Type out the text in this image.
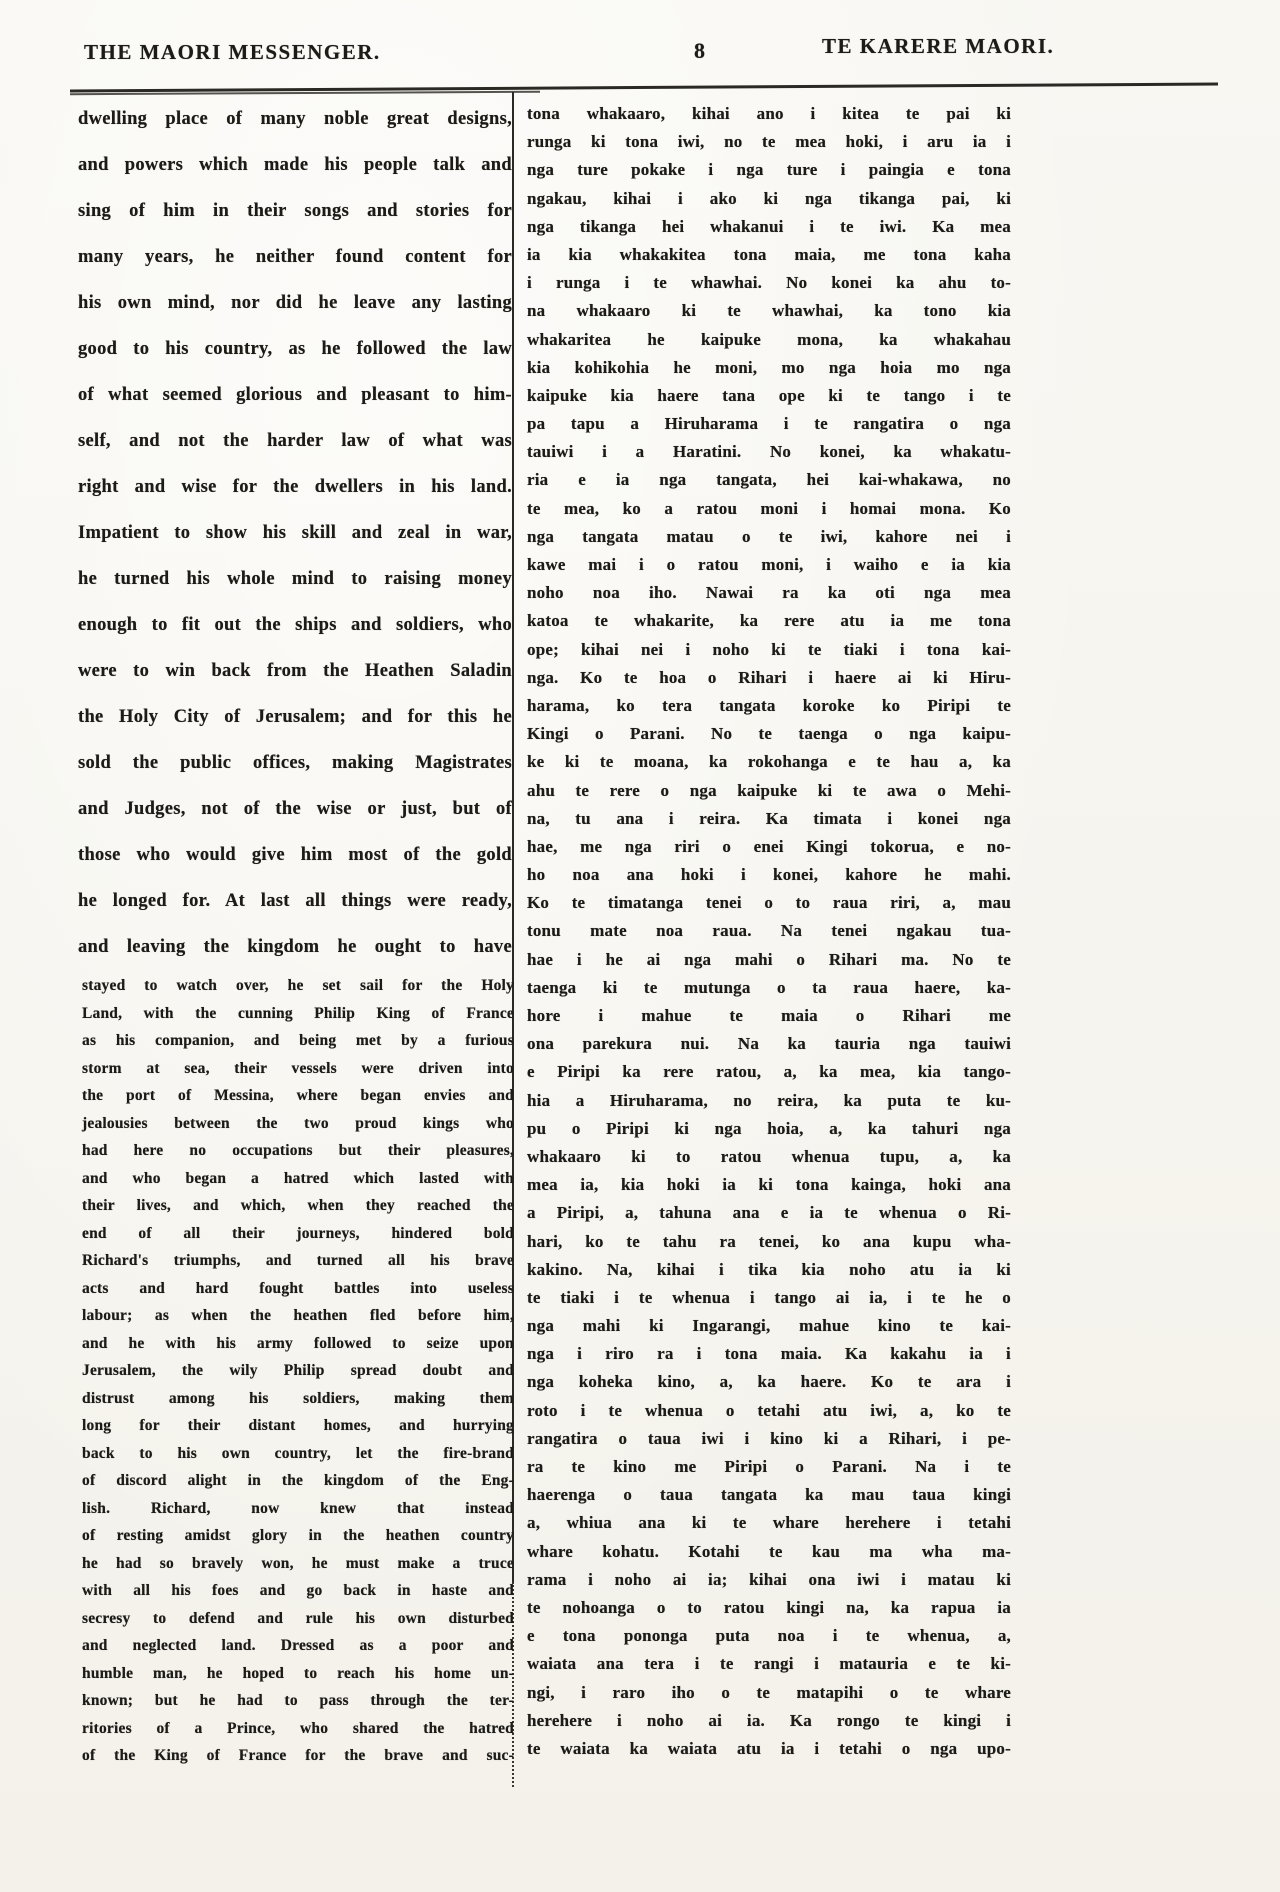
THE MAORI MESSENGER.	8	TE KARERE MAORI.
dwelling place of many noble great designs,
and powers which made his people talk and
sing of him in their songs and stories for
many years, he neither found content for
his own mind, nor did he leave any lasting
good to his country, as he followed the law
of what seemed glorious and pleasant to him-
self, and not the harder law of what was
right and wise for the dwellers in his land.
Impatient to show his skill and zeal in war,
he turned his whole mind to raising money
enough to fit out the ships and soldiers, who
were to win back from the Heathen Saladin
the Holy City of Jerusalem; and for this he
sold the public offices, making Magistrates
and Judges, not of the wise or just, but of
those who would give him most of the gold
he longed for. At last all things were ready,
and leaving the kingdom he ought to have
stayed to watch over, he set sail for the Holy
Land, with the cunning Philip King of France
as his companion, and being met by a furious
storm at sea, their vessels were driven into
the port of Messina, where began envies and
jealousies between the two proud kings who
had here no occupations but their pleasures,
and who began a hatred which lasted with
their lives, and which, when they reached the
end of all their journeys, hindered bold
Richard's triumphs, and turned all his brave
acts and hard fought battles into useless
labour; as when the heathen fled before him,
and he with his army followed to seize upon
Jerusalem, the wily Philip spread doubt and
distrust among his soldiers, making them
long for their distant homes, and hurrying
back to his own country, let the fire-brand
of discord alight in the kingdom of the Eng-
lish. Richard, now knew that instead
of resting amidst glory in the heathen country
he had so bravely won, he must make a truce
with all his foes and go back in haste and
secresy to defend and rule his own disturbed
and neglected land. Dressed as a poor and
humble man, he hoped to reach his home un-
known; but he had to pass through the ter-
ritories of a Prince, who shared the hatred
of the King of France for the brave and suc-
tona whakaaro, kihai ano i kitea te pai ki
runga ki tona iwi, no te mea hoki, i aru ia i
nga ture pokake i nga ture i paingia e tona
ngakau, kihai i ako ki nga tikanga pai, ki
nga tikanga hei whakanui i te iwi. Ka mea
ia kia whakakitea tona maia, me tona kaha
i runga i te whawhai. No konei ka ahu to-
na whakaaro ki te whawhai, ka tono kia
whakaritea he kaipuke mona, ka whakahau
kia kohikohia he moni, mo nga hoia mo nga
kaipuke kia haere tana ope ki te tango i te
pa tapu a Hiruharama i te rangatira o nga
tauiwi i a Haratini. No konei, ka whakatu-
ria e ia nga tangata, hei kai-whakawa, no
te mea, ko a ratou moni i homai mona. Ko
nga tangata matau o te iwi, kahore nei i
kawe mai i o ratou moni, i waiho e ia kia
noho noa iho. Nawai ra ka oti nga mea
katoa te whakarite, ka rere atu ia me tona
ope; kihai nei i noho ki te tiaki i tona kai-
nga. Ko te hoa o Rihari i haere ai ki Hiru-
harama, ko tera tangata koroke ko Piripi te
Kingi o Parani. No te taenga o nga kaipu-
ke ki te moana, ka rokohanga e te hau a, ka
ahu te rere o nga kaipuke ki te awa o Mehi-
na, tu ana i reira. Ka timata i konei nga
hae, me nga riri o enei Kingi tokorua, e no-
ho noa ana hoki i konei, kahore he mahi.
Ko te timatanga tenei o to raua riri, a, mau
tonu mate noa raua. Na tenei ngakau tua-
hae i he ai nga mahi o Rihari ma. No te
taenga ki te mutunga o ta raua haere, ka-
hore i mahue te maia o Rihari me
ona parekura nui. Na ka tauria nga tauiwi
e Piripi ka rere ratou, a, ka mea, kia tango-
hia a Hiruharama, no reira, ka puta te ku-
pu o Piripi ki nga hoia, a, ka tahuri nga
whakaaro ki to ratou whenua tupu, a, ka
mea ia, kia hoki ia ki tona kainga, hoki ana
a Piripi, a, tahuna ana e ia te whenua o Ri-
hari, ko te tahu ra tenei, ko ana kupu wha-
kakino. Na, kihai i tika kia noho atu ia ki
te tiaki i te whenua i tango ai ia, i te he o
nga mahi ki Ingarangi, mahue kino te kai-
nga i riro ra i tona maia. Ka kakahu ia i
nga koheka kino, a, ka haere. Ko te ara i
roto i te whenua o tetahi atu iwi, a, ko te
rangatira o taua iwi i kino ki a Rihari, i pe-
ra te kino me Piripi o Parani. Na i te
haerenga o taua tangata ka mau taua kingi
a, whiua ana ki te whare herehere i tetahi
whare kohatu. Kotahi te kau ma wha ma-
rama i noho ai ia; kihai ona iwi i matau ki
te nohoanga o to ratou kingi na, ka rapua ia
e tona pononga puta noa i te whenua, a,
waiata ana tera i te rangi i matauria e te ki-
ngi, i raro iho o te matapihi o te whare
herehere i noho ai ia. Ka rongo te kingi i
te waiata ka waiata atu ia i tetahi o nga upo-
